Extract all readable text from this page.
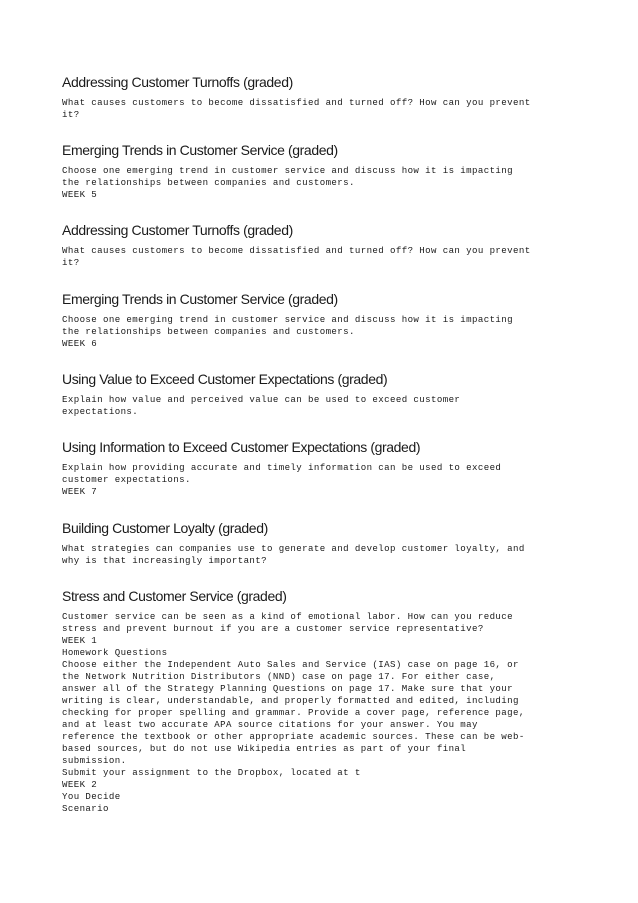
Addressing Customer Turnoffs (graded)

What causes customers to become dissatisfied and turned off? How can you prevent
it?

Emerging Trends in Customer Service (graded)

Choose one emerging trend in customer service and discuss how it is impacting
the relationships between companies and customers.
WEEK 5

Addressing Customer Turnoffs (graded)

What causes customers to become dissatisfied and turned off? How can you prevent
it?

Emerging Trends in Customer Service (graded)

Choose one emerging trend in customer service and discuss how it is impacting
the relationships between companies and customers.
WEEK 6

Using Value to Exceed Customer Expectations (graded)

Explain how value and perceived value can be used to exceed customer
expectations.

Using Information to Exceed Customer Expectations (graded)

Explain how providing accurate and timely information can be used to exceed
customer expectations.
WEEK 7

Building Customer Loyalty (graded)

What strategies can companies use to generate and develop customer loyalty, and
why is that increasingly important?

Stress and Customer Service (graded)

Customer service can be seen as a kind of emotional labor. How can you reduce
stress and prevent burnout if you are a customer service representative?
WEEK 1
Homework Questions
Choose either the Independent Auto Sales and Service (IAS) case on page 16, or
the Network Nutrition Distributors (NND) case on page 17. For either case,
answer all of the Strategy Planning Questions on page 17. Make sure that your
writing is clear, understandable, and properly formatted and edited, including
checking for proper spelling and grammar. Provide a cover page, reference page,
and at least two accurate APA source citations for your answer. You may
reference the textbook or other appropriate academic sources. These can be web-
based sources, but do not use Wikipedia entries as part of your final
submission.
Submit your assignment to the Dropbox, located at t
WEEK 2
You Decide
Scenario
